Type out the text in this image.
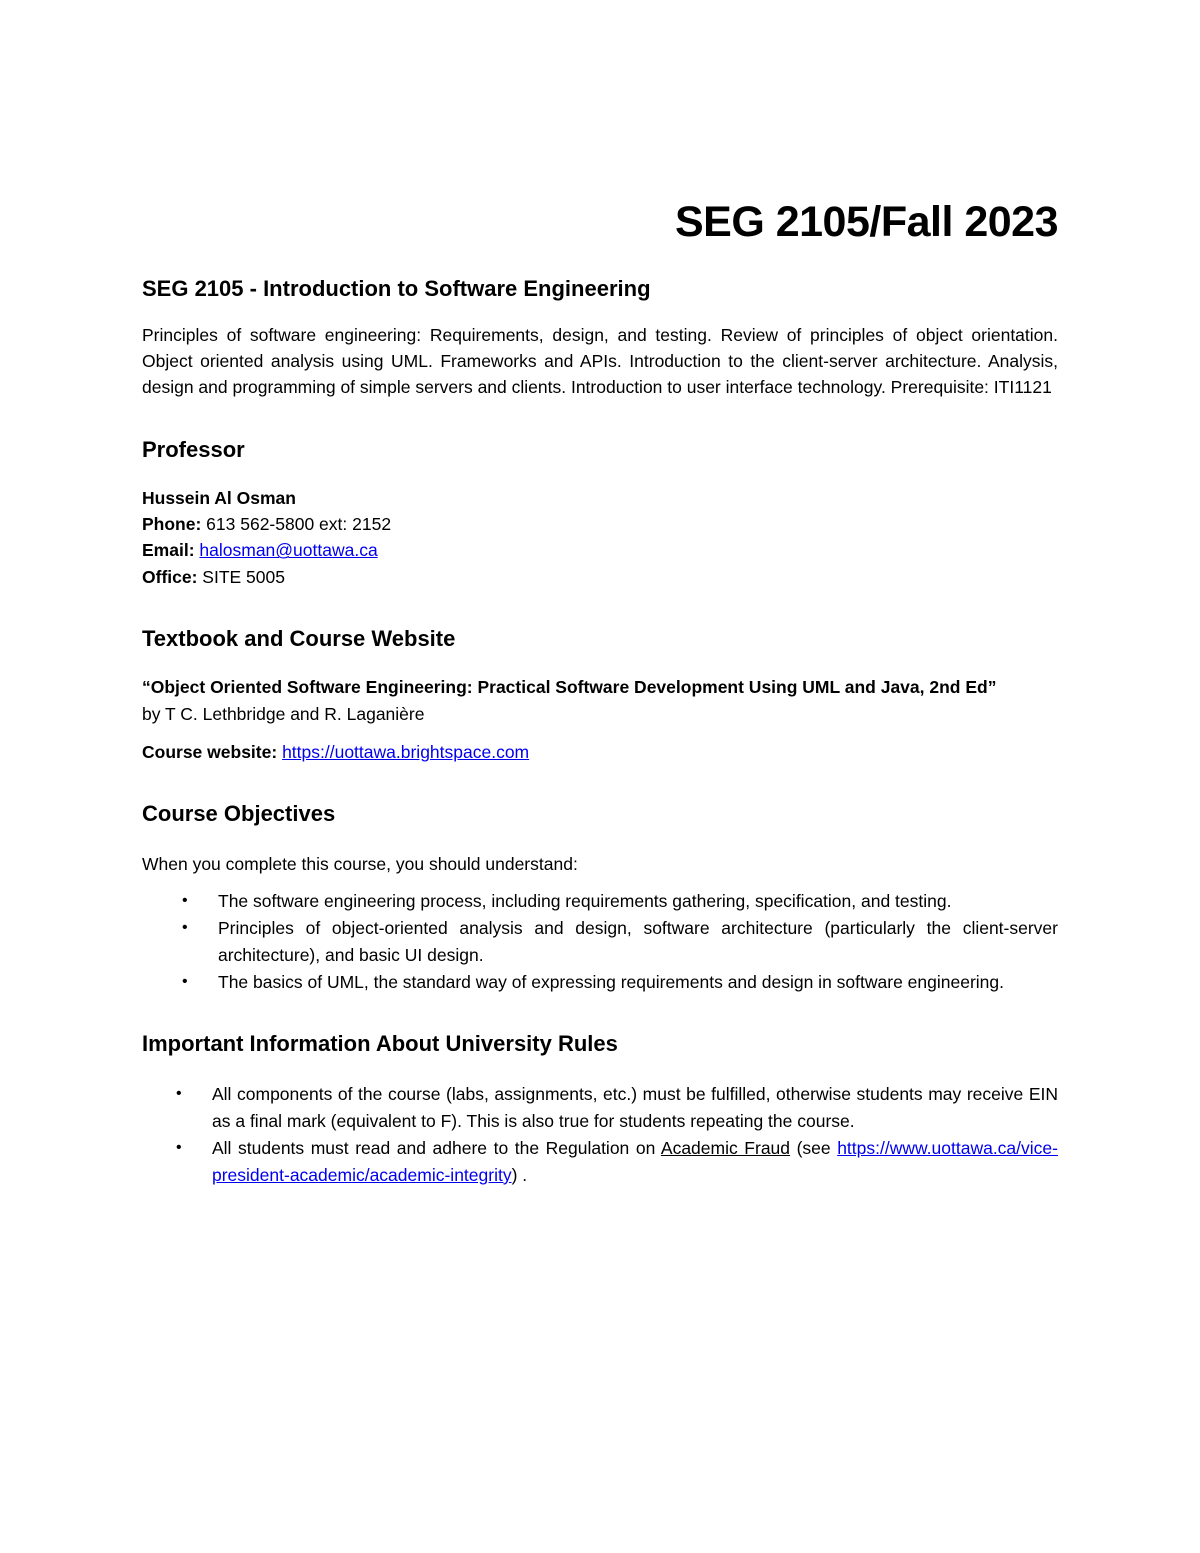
SEG 2105/Fall 2023
SEG 2105 - Introduction to Software Engineering

Principles of software engineering: Requirements, design, and testing. Review of principles of object orientation. Object oriented analysis using UML. Frameworks and APIs. Introduction to the client-server architecture. Analysis, design and programming of simple servers and clients. Introduction to user interface technology. Prerequisite: ITI1121

Professor
Hussein Al Osman
Phone: 613 562-5800 ext: 2152
Email: halosman@uottawa.ca
Office: SITE 5005
Textbook and Course Website
“Object Oriented Software Engineering: Practical Software Development Using UML and Java, 2nd Ed”
by T C. Lethbridge and R. Laganière
Course website: https://uottawa.brightspace.com
Course Objectives

When you complete this course, you should understand:

• The software engineering process, including requirements gathering, specification, and testing.
• Principles of object-oriented analysis and design, software architecture (particularly the client-server architecture), and basic UI design.
• The basics of UML, the standard way of expressing requirements and design in software engineering.
Important Information About University Rules
• All components of the course (labs, assignments, etc.) must be fulfilled, otherwise students may receive EIN as a final mark (equivalent to F). This is also true for students repeating the course.
• All students must read and adhere to the Regulation on Academic Fraud (see https://www.uottawa.ca/vice-president-academic/academic-integrity) .
